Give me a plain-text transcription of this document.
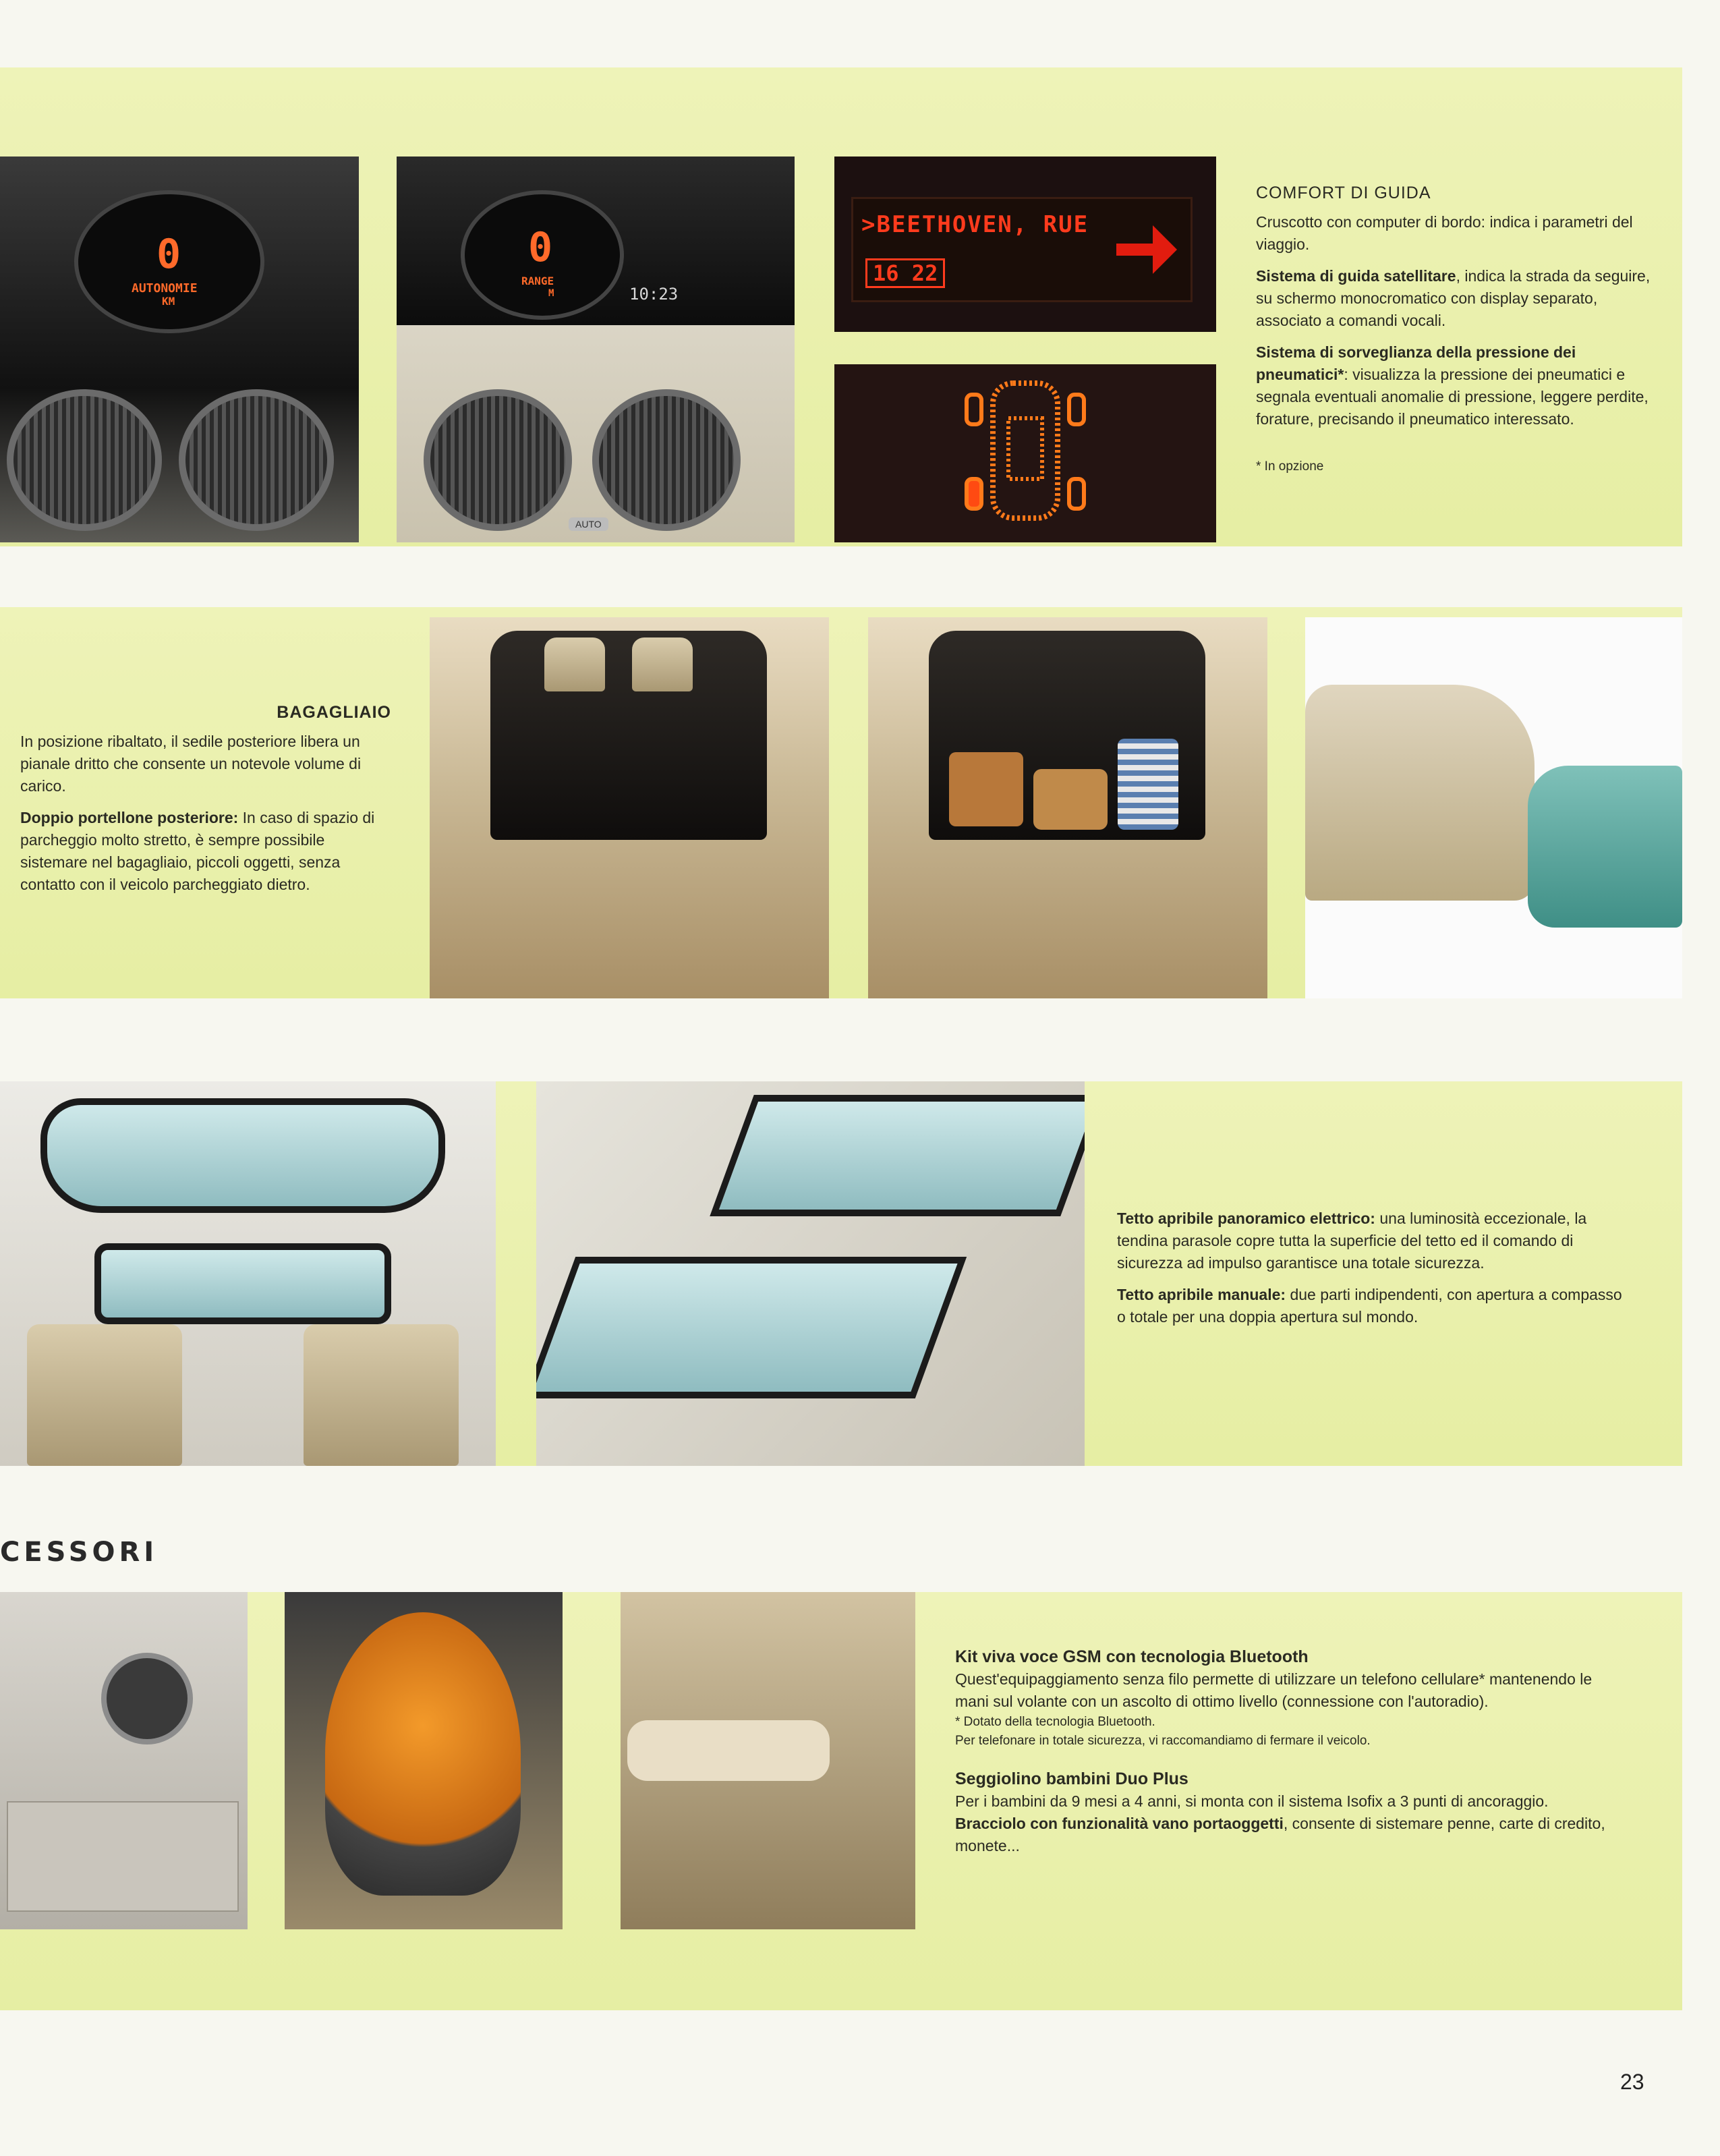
0
AUTONOMIE
KM
0
RANGE
M	10:23
AUTO
>BEETHOVEN, RUE
16 22
COMFORT DI GUIDA

Cruscotto con computer di bordo: indica i parametri del viaggio.

Sistema di guida satellitare, indica la strada da seguire, su schermo monocromatico con display separato, associato a comandi vocali.

Sistema di sorveglianza della pressione dei pneumatici*: visualizza la pressione dei pneumatici e segnala eventuali anomalie di pressione, leggere perdite, forature, precisando il pneumatico interessato.

* In opzione

BAGAGLIAIO

In posizione ribaltato, il sedile posteriore libera un pianale dritto che consente un notevole volume di carico.

Doppio portellone posteriore: In caso di spazio di parcheggio molto stretto, è sempre possibile sistemare nel bagagliaio, piccoli oggetti, senza contatto con il veicolo parcheggiato dietro.

Tetto apribile panoramico elettrico: una luminosità eccezionale, la tendina parasole copre tutta la superficie del tetto ed il comando di sicurezza ad impulso garantisce una totale sicurezza.

Tetto apribile manuale: due parti indipendenti, con apertura a compasso o totale per una doppia apertura sul mondo.

CESSORI
Kit viva voce GSM con tecnologia Bluetooth

Quest'equipaggiamento senza filo permette di utilizzare un telefono cellulare* mantenendo le mani sul volante con un ascolto di ottimo livello (connessione con l'autoradio).

* Dotato della tecnologia Bluetooth.

Per telefonare in totale sicurezza, vi raccomandiamo di fermare il veicolo.

Seggiolino bambini Duo Plus

Per i bambini da 9 mesi a 4 anni, si monta con il sistema Isofix a 3 punti di ancoraggio.

Bracciolo con funzionalità vano portaoggetti, consente di sistemare penne, carte di credito, monete...

23
